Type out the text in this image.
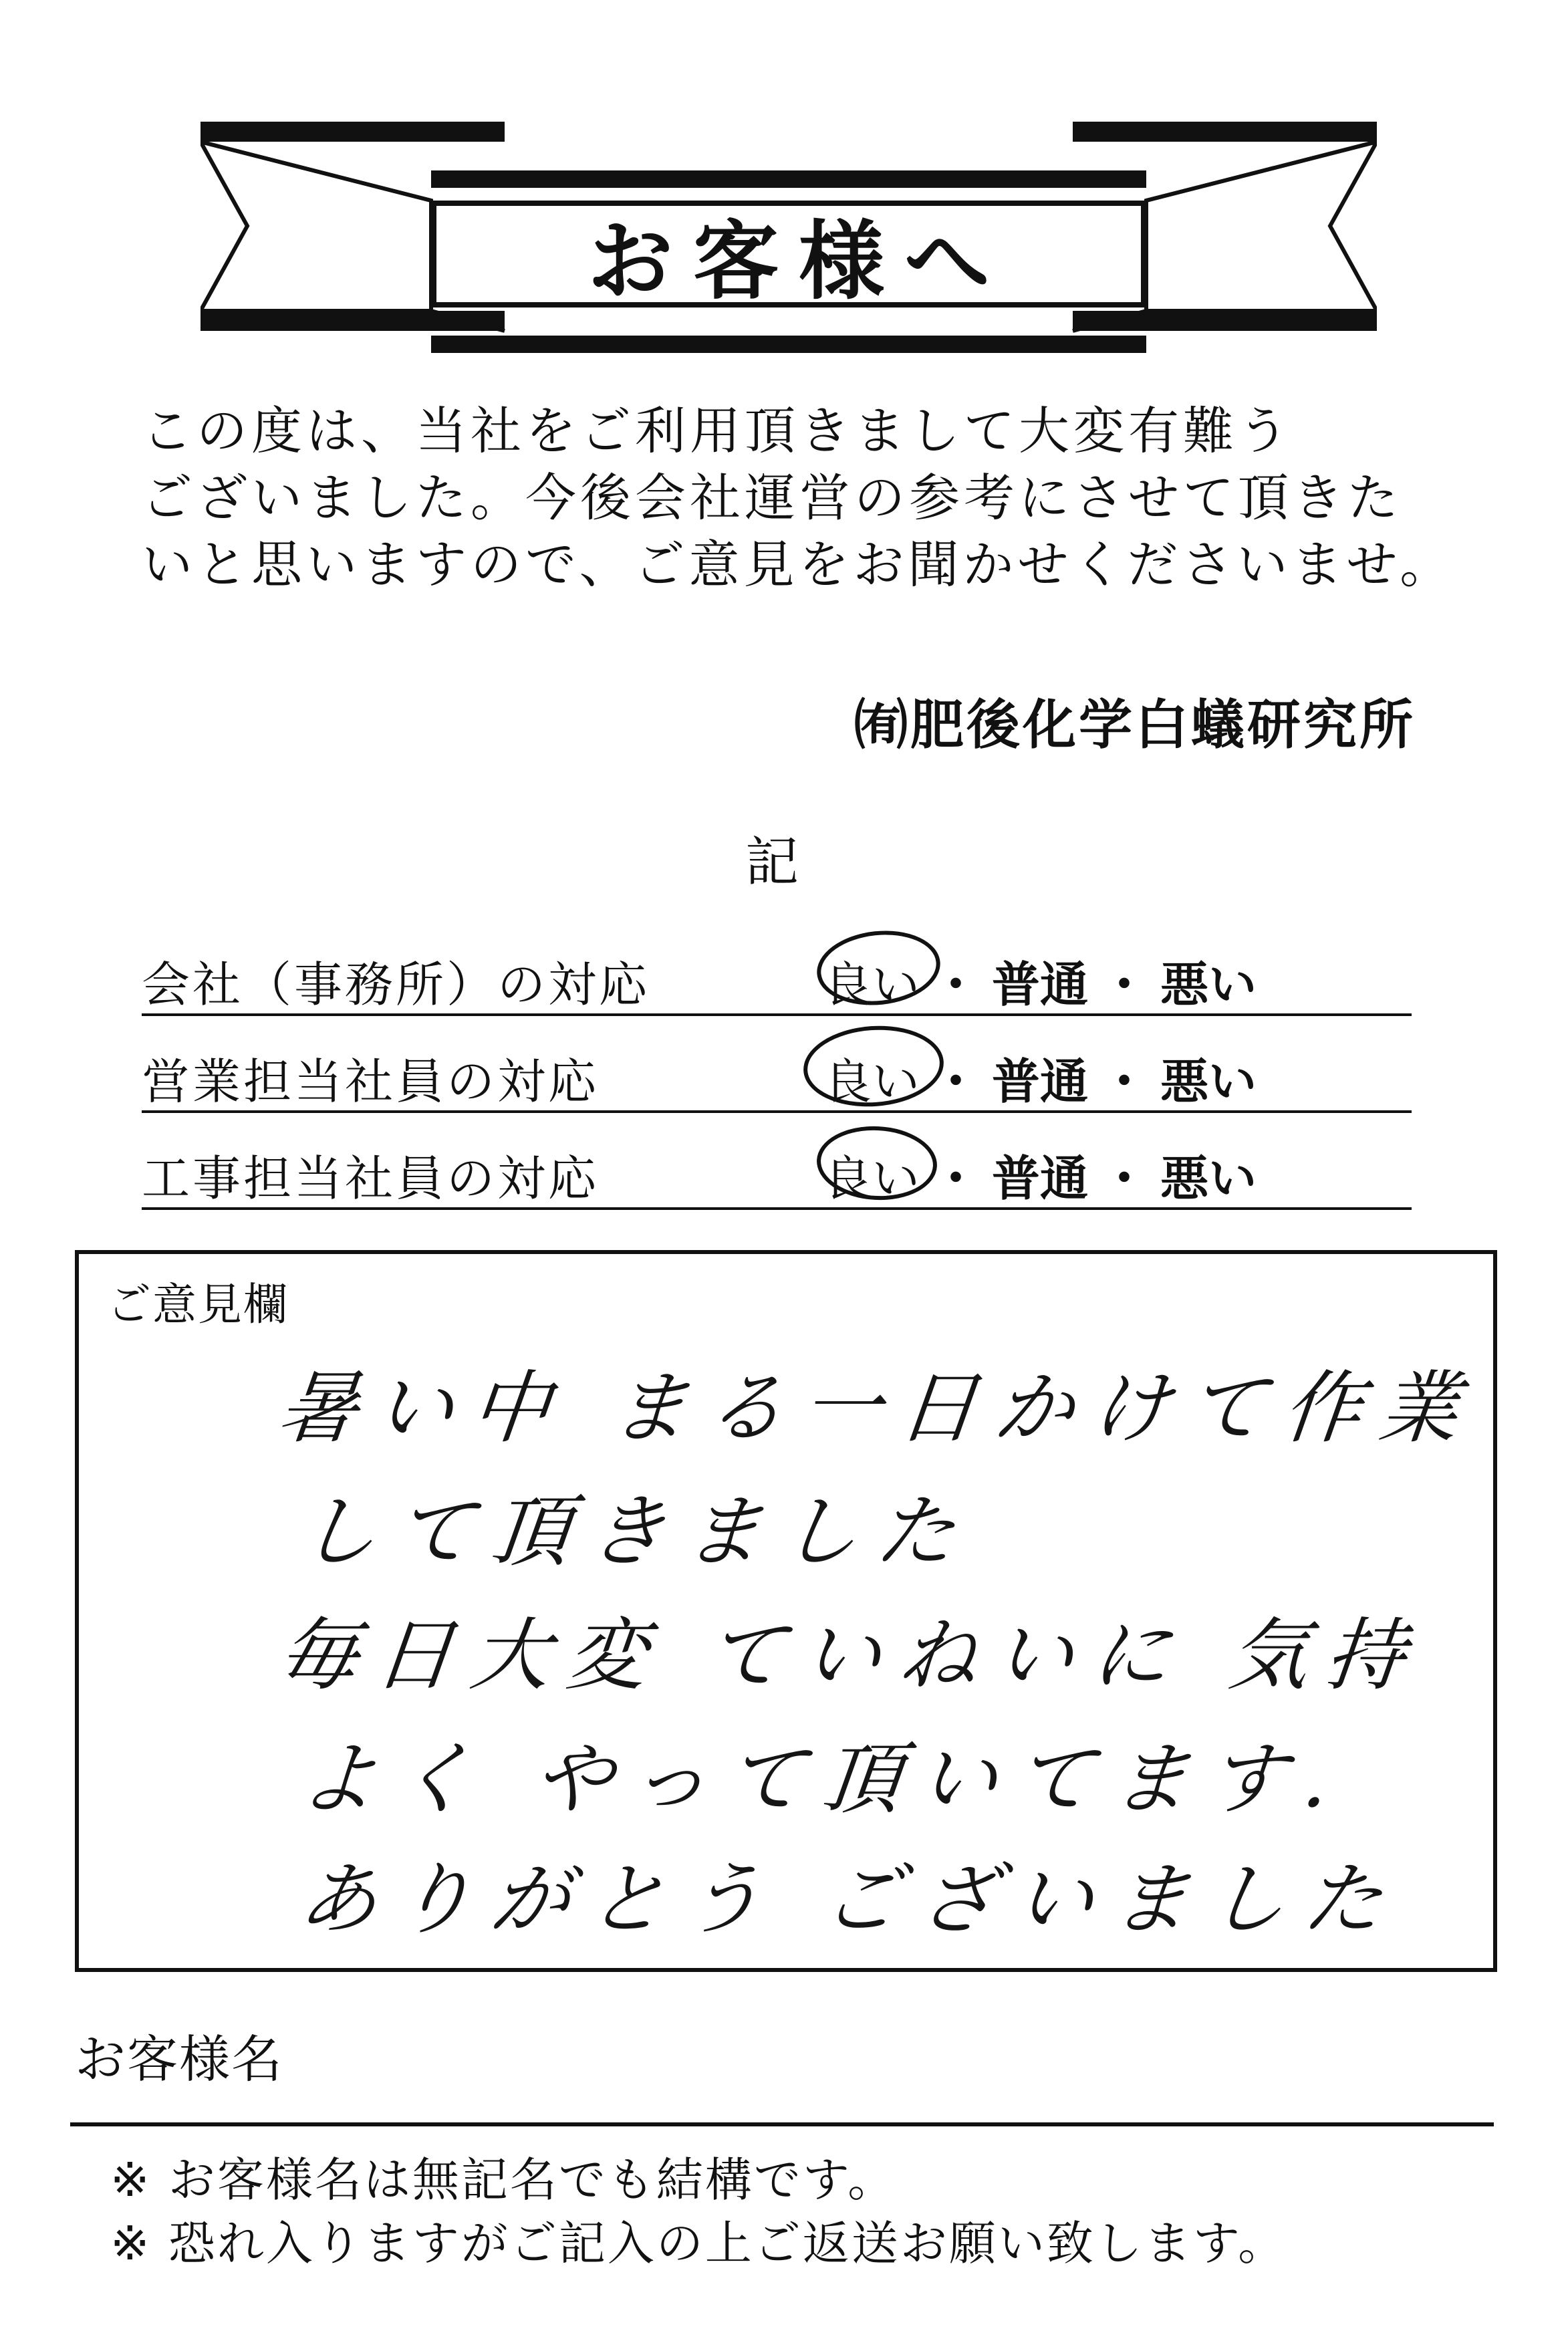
お客様へ
この度は、当社をご利用頂きまして大変有難う
ございました。今後会社運営の参考にさせて頂きた
いと思いますので、ご意見をお聞かせくださいませ。
㈲肥後化学白蟻研究所
記
会社（事務所）の対応	良い ・ 普通 ・ 悪い
営業担当社員の対応	良い ・ 普通 ・ 悪い
工事担当社員の対応	良い ・ 普通 ・ 悪い
ご意見欄
暑い中 まる一日かけて作業
して頂きました
毎日大変 ていねいに 気持
よく やって頂いてます.
ありがとう ございました
お客様名
※ お客様名は無記名でも結構です。
※ 恐れ入りますがご記入の上ご返送お願い致します。
